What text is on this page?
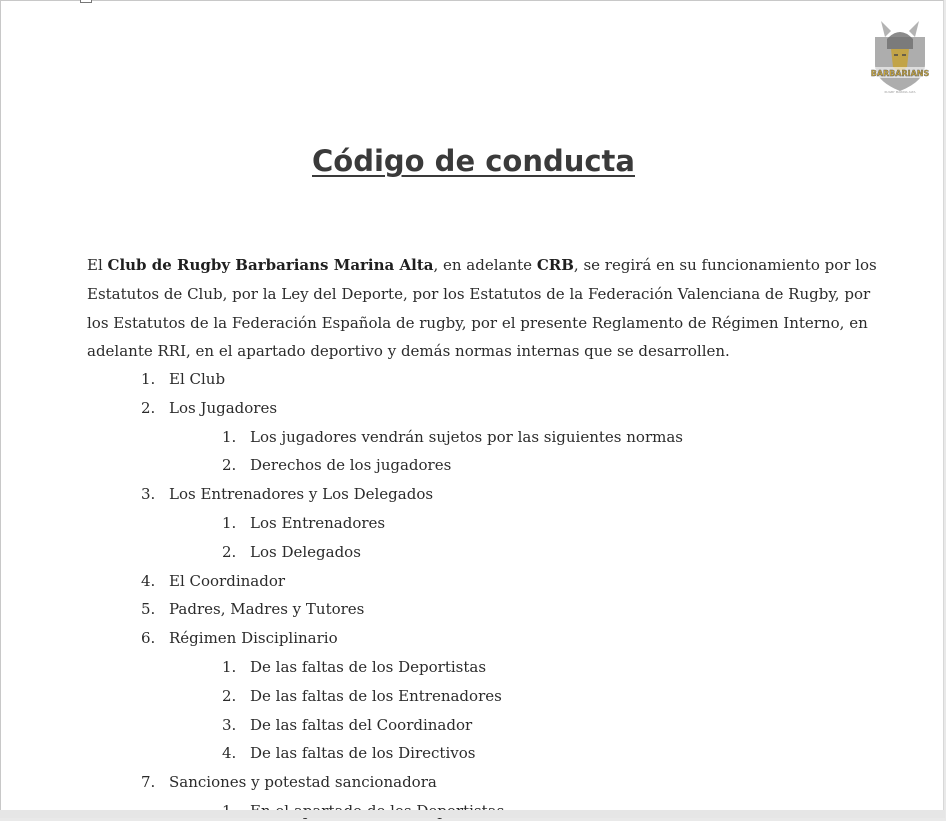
BARBARIANS
RUGBY MARINA ALTA
Código de conducta
El Club de Rugby Barbarians Marina Alta, en adelante CRB, se regirá en su funcionamiento por los Estatutos de Club, por la Ley del Deporte, por los Estatutos de la Federación Valenciana de Rugby, por los Estatutos de la Federación Española de rugby, por el presente Reglamento de Régimen Interno, en adelante RRI, en el apartado deportivo y demás normas internas que se desarrollen.
1. El Club
2. Los Jugadores
1. Los jugadores vendrán sujetos por las siguientes normas
2. Derechos de los jugadores
3. Los Entrenadores y Los Delegados
1. Los Entrenadores
2. Los Delegados
4. El Coordinador
5. Padres, Madres y Tutores
6. Régimen Disciplinario
1. De las faltas de los Deportistas
2. De las faltas de los Entrenadores
3. De las faltas del Coordinador
4. De las faltas de los Directivos
7. Sanciones y potestad sancionadora
